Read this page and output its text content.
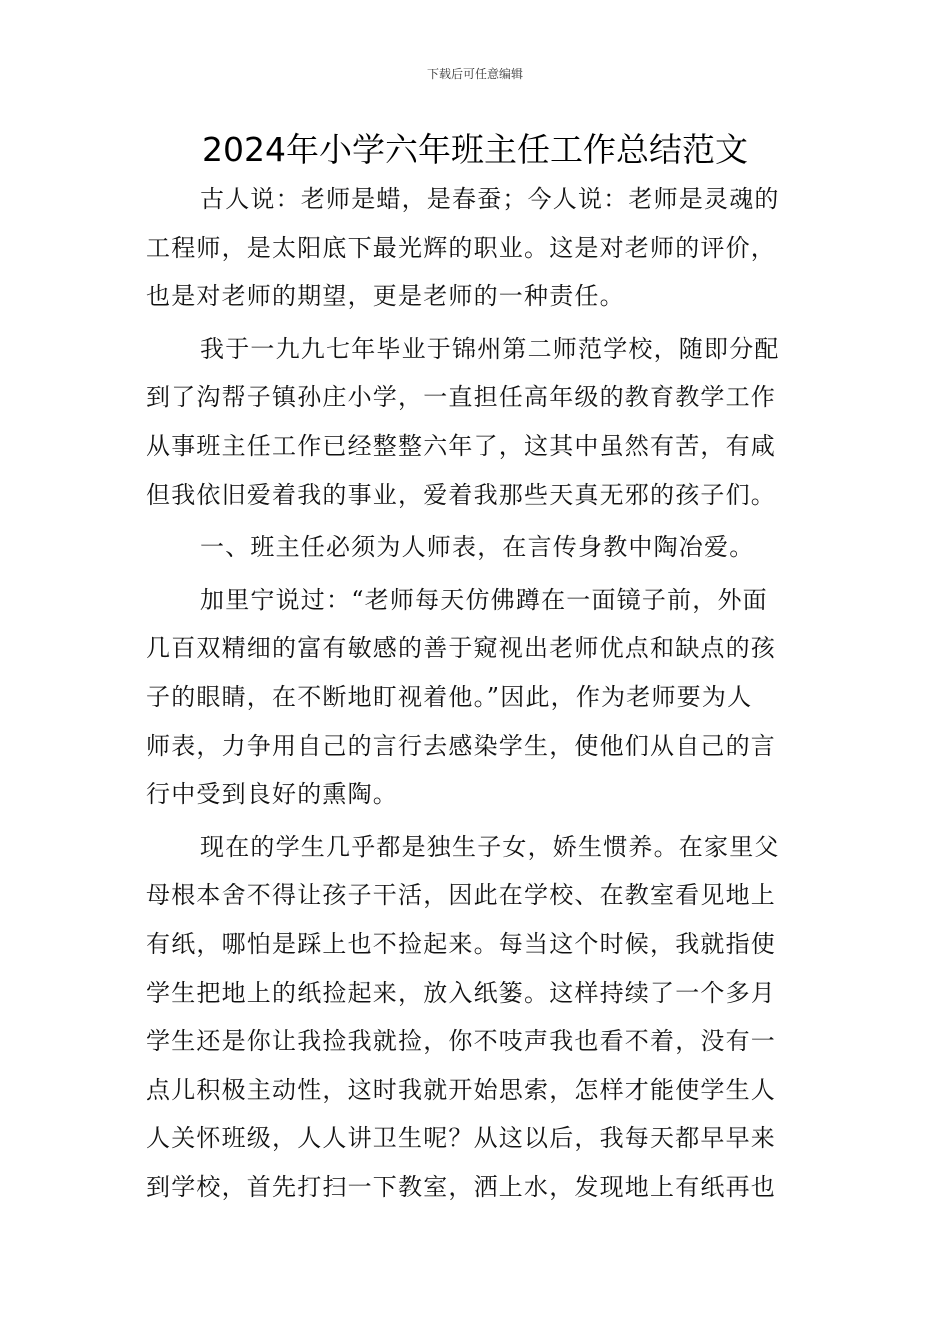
下载后可任意编辑

2024年小学六年班主任工作总结范文
古人说：老师是蜡，是春蚕；今人说：老师是灵魂的
工程师，是太阳底下最光辉的职业。这是对老师的评价，
也是对老师的期望，更是老师的一种责任。
我于一九九七年毕业于锦州第二师范学校，随即分配
到了沟帮子镇孙庄小学，一直担任高年级的教育教学工作
从事班主任工作已经整整六年了，这其中虽然有苦，有咸
但我依旧爱着我的事业，爱着我那些天真无邪的孩子们。
一、班主任必须为人师表，在言传身教中陶冶爱。
加里宁说过：“老师每天仿佛蹲在一面镜子前，外面
几百双精细的富有敏感的善于窥视出老师优点和缺点的孩
子的眼睛，在不断地盯视着他。”因此，作为老师要为人
师表，力争用自己的言行去感染学生，使他们从自己的言
行中受到良好的熏陶。
现在的学生几乎都是独生子女，娇生惯养。在家里父
母根本舍不得让孩子干活，因此在学校、在教室看见地上
有纸，哪怕是踩上也不捡起来。每当这个时候，我就指使
学生把地上的纸捡起来，放入纸篓。这样持续了一个多月
学生还是你让我捡我就捡，你不吱声我也看不着，没有一
点儿积极主动性，这时我就开始思索，怎样才能使学生人
人关怀班级，人人讲卫生呢？从这以后，我每天都早早来
到学校，首先打扫一下教室，洒上水，发现地上有纸再也
